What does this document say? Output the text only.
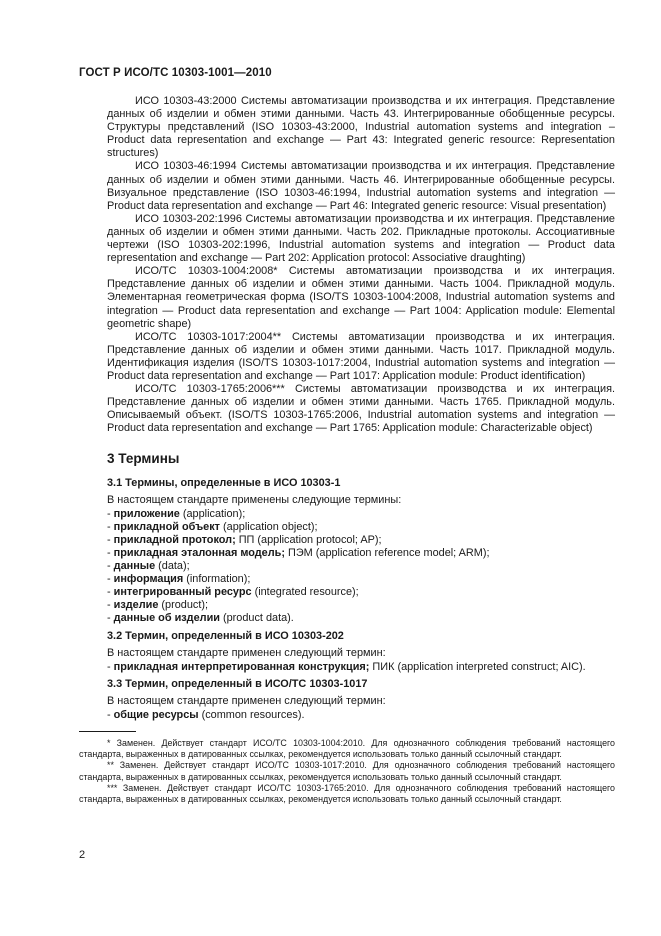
ГОСТ Р ИСО/ТС 10303-1001—2010

ИСО 10303-43:2000 Системы автоматизации производства и их интеграция. Представление данных об изделии и обмен этими данными. Часть 43. Интегрированные обобщенные ресурсы. Структуры представлений (ISO 10303-43:2000, Industrial automation systems and integration – Product data representation and exchange — Part 43: Integrated generic resource: Representation structures)

ИСО 10303-46:1994 Системы автоматизации производства и их интеграция. Представление данных об изделии и обмен этими данными. Часть 46. Интегрированные обобщенные ресурсы. Визуальное представление (ISO 10303-46:1994, Industrial automation systems and integration — Product data representation and exchange — Part 46: Integrated generic resource: Visual presentation)

ИСО 10303-202:1996 Системы автоматизации производства и их интеграция. Представление данных об изделии и обмен этими данными. Часть 202. Прикладные протоколы. Ассоциативные чертежи (ISO 10303-202:1996, Industrial automation systems and integration — Product data representation and exchange — Part 202: Application protocol: Associative draughting)

ИСО/ТС 10303-1004:2008* Системы автоматизации производства и их интеграция. Представление данных об изделии и обмен этими данными. Часть 1004. Прикладной модуль. Элементарная геометрическая форма (ISO/TS 10303-1004:2008, Industrial automation systems and integration — Product data representation and exchange — Part 1004: Application module: Elemental geometric shape)

ИСО/ТС 10303-1017:2004** Системы автоматизации производства и их интеграция. Представление данных об изделии и обмен этими данными. Часть 1017. Прикладной модуль. Идентификация изделия (ISO/TS 10303-1017:2004, Industrial automation systems and integration — Product data representation and exchange — Part 1017: Application module: Product identification)

ИСО/ТС 10303-1765:2006*** Системы автоматизации производства и их интеграция. Представление данных об изделии и обмен этими данными. Часть 1765. Прикладной модуль. Описываемый объект. (ISO/TS 10303-1765:2006, Industrial automation systems and integration — Product data representation and exchange — Part 1765: Application module: Characterizable object)

3 Термины
3.1 Термины, определенные в ИСО 10303-1
В настоящем стандарте применены следующие термины:
- приложение (application);
- прикладной объект (application object);
- прикладной протокол; ПП (application protocol; AP);
- прикладная эталонная модель; ПЭМ (application reference model; ARM);
- данные (data);
- информация (information);
- интегрированный ресурс (integrated resource);
- изделие (product);
- данные об изделии (product data).
3.2 Термин, определенный в ИСО 10303-202
В настоящем стандарте применен следующий термин:
- прикладная интерпретированная конструкция; ПИК (application interpreted construct; AIC).
3.3 Термин, определенный в ИСО/ТС 10303-1017
В настоящем стандарте применен следующий термин:
- общие ресурсы (common resources).

* Заменен. Действует стандарт ИСО/ТС 10303-1004:2010. Для однозначного соблюдения требований настоящего стандарта, выраженных в датированных ссылках, рекомендуется использовать только данный ссылочный стандарт.

** Заменен. Действует стандарт ИСО/ТС 10303-1017:2010. Для однозначного соблюдения требований настоящего стандарта, выраженных в датированных ссылках, рекомендуется использовать только данный ссылочный стандарт.

*** Заменен. Действует стандарт ИСО/ТС 10303-1765:2010. Для однозначного соблюдения требований настоящего стандарта, выраженных в датированных ссылках, рекомендуется использовать только данный ссылочный стандарт.

2
